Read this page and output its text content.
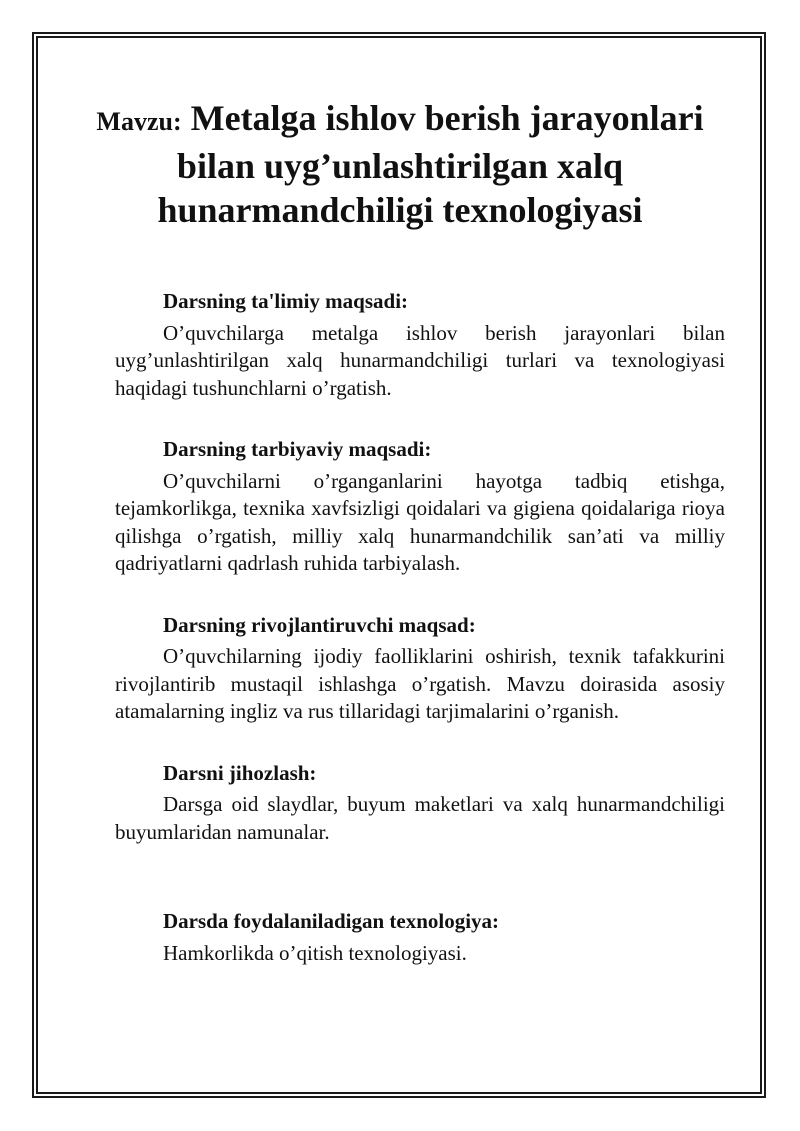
Mavzu: Metalga ishlov berish jarayonlari bilan uyg’unlashtirilgan xalq hunarmandchiligi texnologiyasi

Darsning ta'limiy maqsadi:

O’quvchilarga metalga ishlov berish jarayonlari bilan uyg’unlashtirilgan xalq hunarmandchiligi turlari va texnologiyasi haqidagi tushunchlarni o’rgatish.

Darsning tarbiyaviy maqsadi:

O’quvchilarni o’rganganlarini hayotga tadbiq etishga, tejamkorlikga, texnika xavfsizligi qoidalari va gigiena qoidalariga rioya qilishga o’rgatish, milliy xalq hunarmandchilik san’ati va milliy qadriyatlarni qadrlash ruhida tarbiyalash.

Darsning rivojlantiruvchi maqsad:

O’quvchilarning ijodiy faolliklarini oshirish, texnik tafakkurini rivojlantirib mustaqil ishlashga o’rgatish. Mavzu doirasida asosiy atamalarning ingliz va rus tillaridagi tarjimalarini o’rganish.

Darsni jihozlash:

Darsga oid slaydlar, buyum maketlari va xalq hunarmandchiligi buyumlaridan namunalar.

Darsda foydalaniladigan texnologiya:

Hamkorlikda o’qitish texnologiyasi.
